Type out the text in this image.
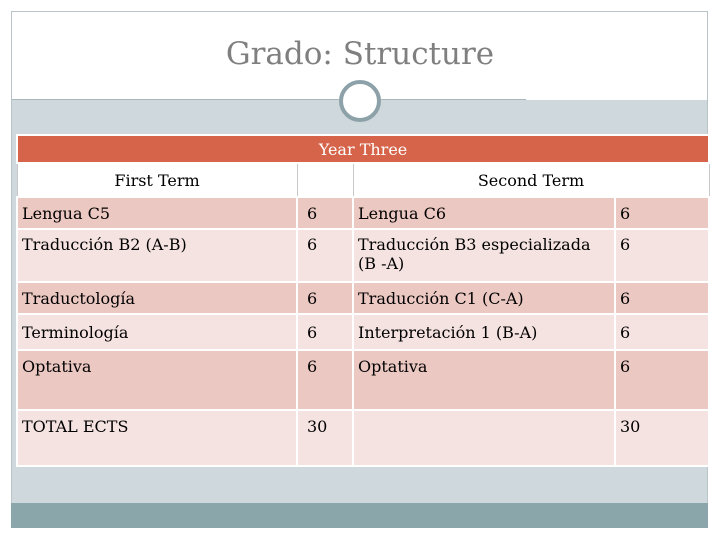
Grado: Structure
Year Three			
First Term		Second Term	
Lengua C5	6	Lengua C6	6
Traducción B2 (A-B)	6	Traducción B3 especializada (B -A)	6
Traductología	6	Traducción C1 (C-A)	6
Terminología	6	Interpretación 1 (B-A)	6
Optativa	6	Optativa	6
TOTAL ECTS	30		30
